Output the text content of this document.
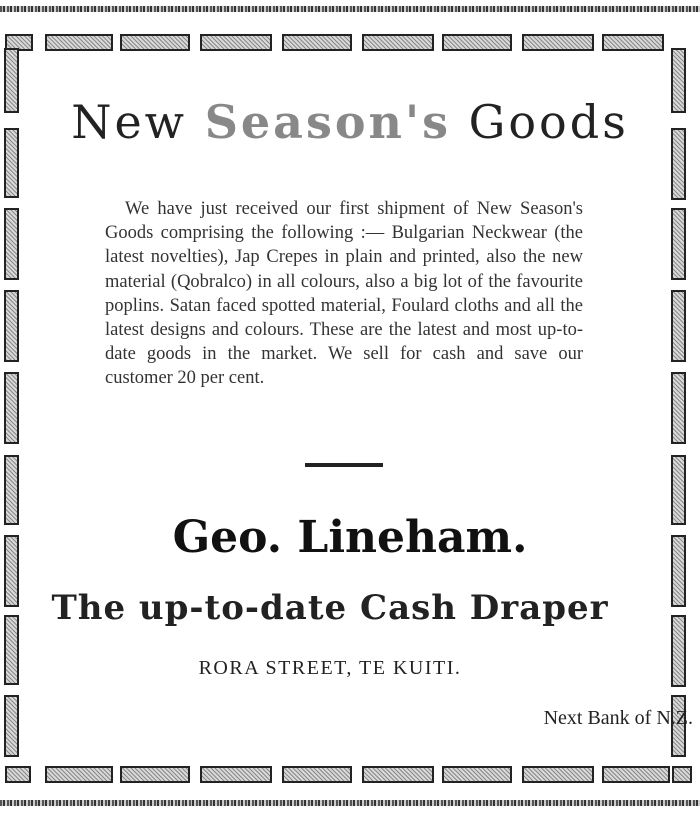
New Season's Goods

We have just received our first shipment of New Season's Goods comprising the following :— Bulgarian Neckwear (the latest novelties), Jap Crepes in plain and printed, also the new material (Qobralco) in all colours, also a big lot of the favourite poplins. Satan faced spotted material, Foulard cloths and all the latest designs and colours. These are the latest and most up-to-date goods in the market. We sell for cash and save our customer 20 per cent.

Geo. Lineham.
The up-to-date Cash Draper
RORA STREET, TE KUITI.
Next Bank of N.Z.
